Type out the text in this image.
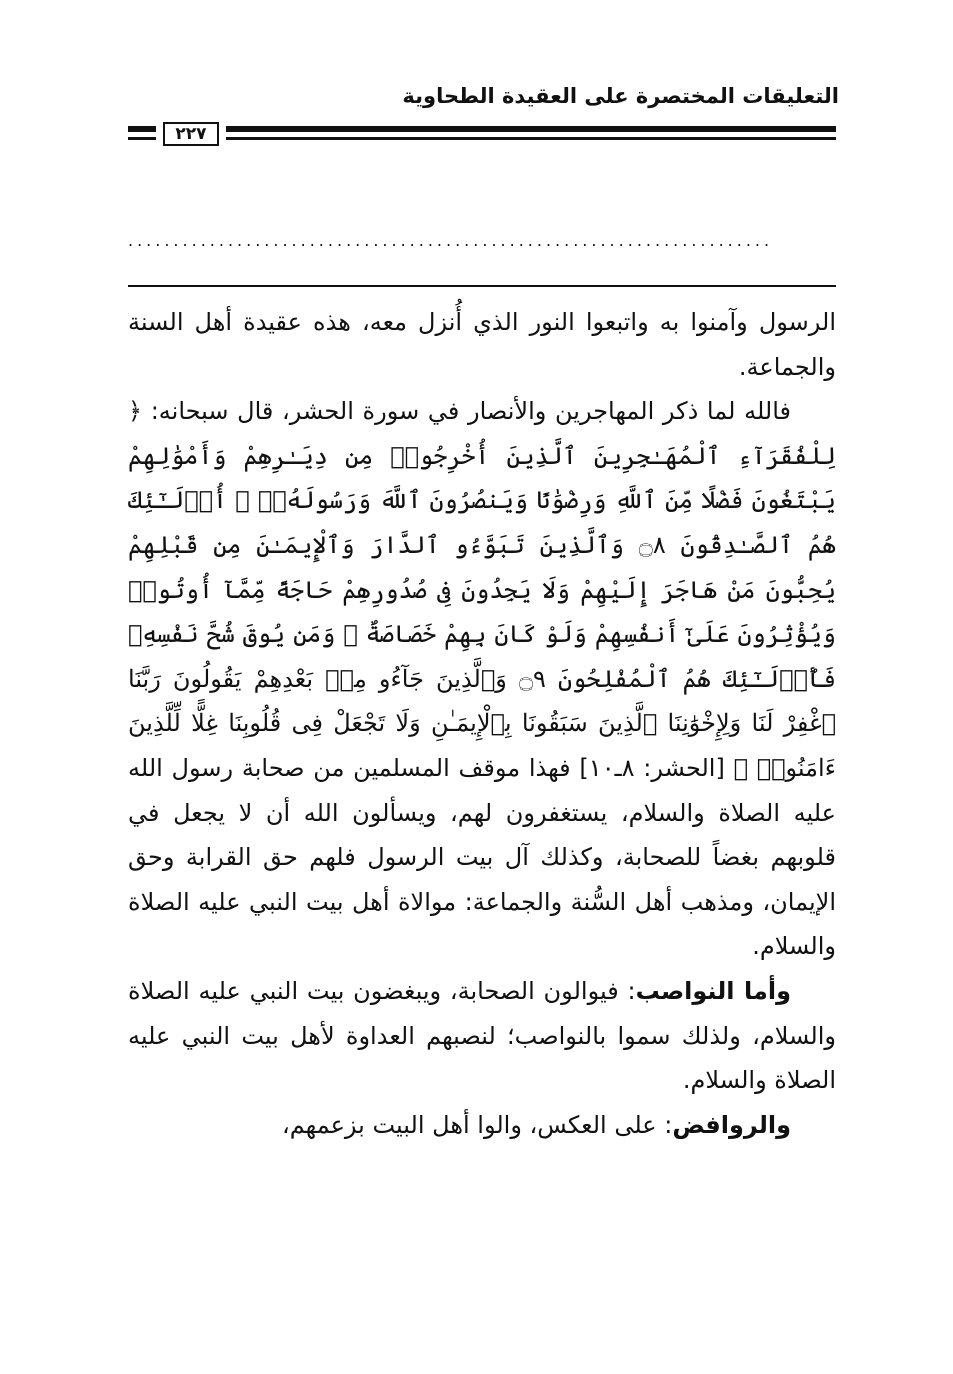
التعليقات المختصرة على العقيدة الطحاوية
٢٢٧
.......................................................................

الرسول وآمنوا به واتبعوا النور الذي أُنزل معه، هذه عقيدة أهل السنة والجماعة.

فالله لما ذكر المهاجرين والأنصار في سورة الحشر، قال سبحانه: ﴿ لِلْفُقَرَآءِ ٱلْمُهَـٰجِرِينَ ٱلَّذِينَ أُخْرِجُوا۟ مِن دِيَـٰرِهِمْ وَأَمْوَٰلِهِمْ يَبْتَغُونَ فَضْلًا مِّنَ ٱللَّهِ وَرِضْوَٰنًا وَيَنصُرُونَ ٱللَّهَ وَرَسُولَهُۥٓ ۚ أُو۟لَـٰٓئِكَ هُمُ ٱلصَّـٰدِقُونَ ۝٨ وَٱلَّذِينَ تَبَوَّءُو ٱلدَّارَ وَٱلْإِيمَـٰنَ مِن قَبْلِهِمْ يُحِبُّونَ مَنْ هَاجَرَ إِلَيْهِمْ وَلَا يَجِدُونَ فِى صُدُورِهِمْ حَاجَةً مِّمَّآ أُوتُوا۟ وَيُؤْثِرُونَ عَلَىٰٓ أَنفُسِهِمْ وَلَوْ كَانَ بِهِمْ خَصَاصَةٌ ۚ وَمَن يُوقَ شُحَّ نَفْسِهِۦ فَأُو۟لَـٰٓئِكَ هُمُ ٱلْمُفْلِحُونَ ۝٩ وَٱلَّذِينَ جَآءُو مِنۢ بَعْدِهِمْ يَقُولُونَ رَبَّنَا ٱغْفِرْ لَنَا وَلِإِخْوَٰنِنَا ٱلَّذِينَ سَبَقُونَا بِٱلْإِيمَـٰنِ وَلَا تَجْعَلْ فِى قُلُوبِنَا غِلًّا لِّلَّذِينَ ءَامَنُوا۟ ﴾ [الحشر: ٨ـ١٠] فهذا موقف المسلمين من صحابة رسول الله عليه الصلاة والسلام، يستغفرون لهم، ويسألون الله أن لا يجعل في قلوبهم بغضاً للصحابة، وكذلك آل بيت الرسول فلهم حق القرابة وحق الإيمان، ومذهب أهل السُّنة والجماعة: موالاة أهل بيت النبي عليه الصلاة والسلام.

وأما النواصب: فيوالون الصحابة، ويبغضون بيت النبي عليه الصلاة والسلام، ولذلك سموا بالنواصب؛ لنصبهم العداوة لأهل بيت النبي عليه الصلاة والسلام.

والروافض: على العكس، والوا أهل البيت بزعمهم،
